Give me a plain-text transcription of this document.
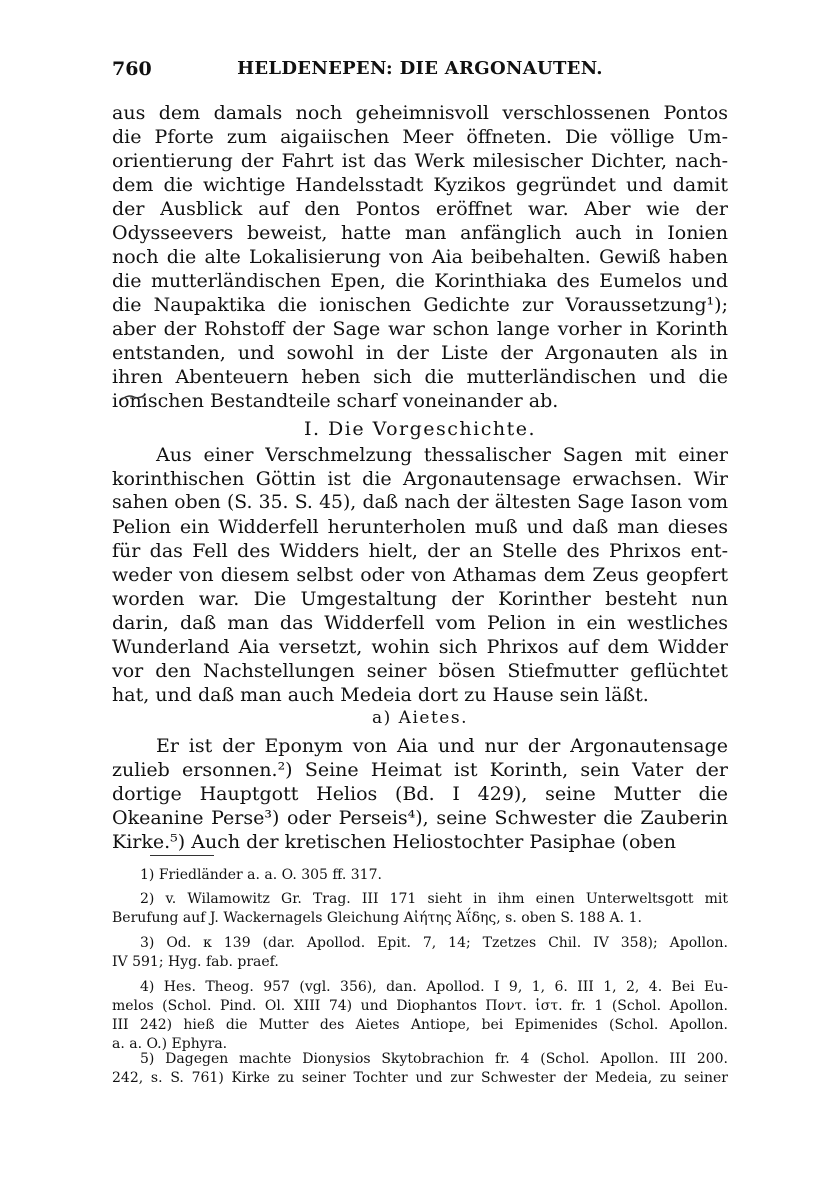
760	HELDENEPEN: DIE ARGONAUTEN.

aus dem damals noch geheimnisvoll verschlossenen Pontos
die Pforte zum aigaiischen Meer öffneten. Die völlige Um-
orientierung der Fahrt ist das Werk milesischer Dichter, nach-
dem die wichtige Handelsstadt Kyzikos gegründet und damit
der Ausblick auf den Pontos eröffnet war. Aber wie der
Odysseevers beweist, hatte man anfänglich auch in Ionien
noch die alte Lokalisierung von Aia beibehalten. Gewiß haben
die mutterländischen Epen, die Korinthiaka des Eumelos und
die Naupaktika die ionischen Gedichte zur Voraussetzung¹);
aber der Rohstoff der Sage war schon lange vorher in Korinth
entstanden, und sowohl in der Liste der Argonauten als in
ihren Abenteuern heben sich die mutterländischen und die
ionischen Bestandteile scharf voneinander ab.

I. Die Vorgeschichte.

Aus einer Verschmelzung thessalischer Sagen mit einer
korinthischen Göttin ist die Argonautensage erwachsen. Wir
sahen oben (S. 35. S. 45), daß nach der ältesten Sage Iason vom
Pelion ein Widderfell herunterholen muß und daß man dieses
für das Fell des Widders hielt, der an Stelle des Phrixos ent-
weder von diesem selbst oder von Athamas dem Zeus geopfert
worden war. Die Umgestaltung der Korinther besteht nun
darin, daß man das Widderfell vom Pelion in ein westliches
Wunderland Aia versetzt, wohin sich Phrixos auf dem Widder
vor den Nachstellungen seiner bösen Stiefmutter geflüchtet
hat, und daß man auch Medeia dort zu Hause sein läßt.

a) Aietes.

Er ist der Eponym von Aia und nur der Argonautensage
zulieb ersonnen.²) Seine Heimat ist Korinth, sein Vater der
dortige Hauptgott Helios (Bd. I 429), seine Mutter die
Okeanine Perse³) oder Perseis⁴), seine Schwester die Zauberin
Kirke.⁵) Auch der kretischen Heliostochter Pasiphae (oben

1) Friedländer a. a. O. 305 ff. 317.
2) v. Wilamowitz Gr. Trag. III 171 sieht in ihm einen Unterweltsgott mit
Berufung auf J. Wackernagels Gleichung Αἰήτης Ἀΐδης, s. oben S. 188 A. 1.
3) Od. κ 139 (dar. Apollod. Epit. 7, 14; Tzetzes Chil. IV 358); Apollon.
IV 591; Hyg. fab. praef.
4) Hes. Theog. 957 (vgl. 356), dan. Apollod. I 9, 1, 6. III 1, 2, 4. Bei Eu-
melos (Schol. Pind. Ol. XIII 74) und Diophantos Ποντ. ἱστ. fr. 1 (Schol. Apollon.
III 242) hieß die Mutter des Aietes Antiope, bei Epimenides (Schol. Apollon.
a. a. O.) Ephyra.
5) Dagegen machte Dionysios Skytobrachion fr. 4 (Schol. Apollon. III 200.
242, s. S. 761) Kirke zu seiner Tochter und zur Schwester der Medeia, zu seiner
